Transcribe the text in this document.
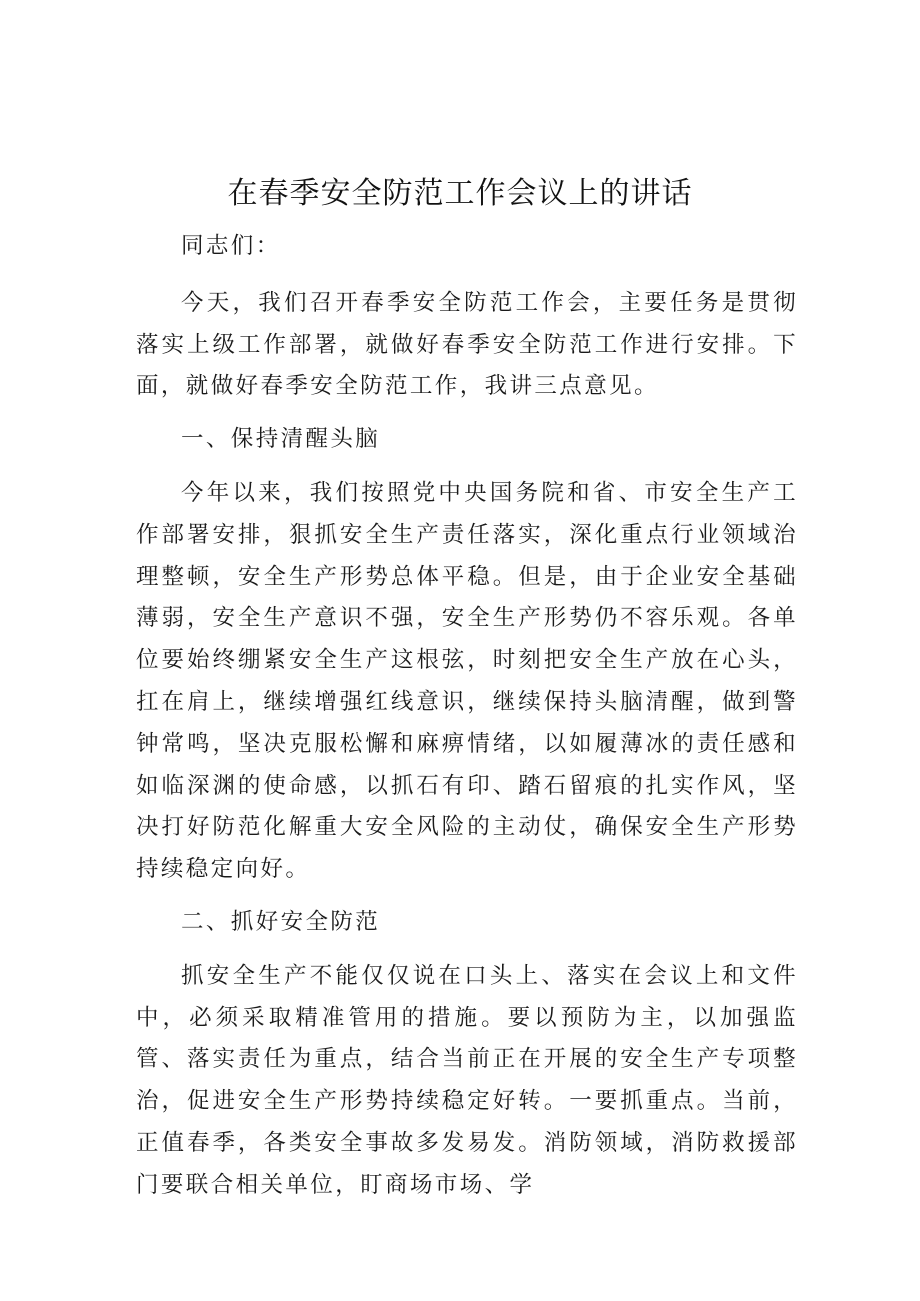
在春季安全防范工作会议上的讲话

同志们：

今天，我们召开春季安全防范工作会，主要任务是贯彻落实上级工作部署，就做好春季安全防范工作进行安排。下面，就做好春季安全防范工作，我讲三点意见。

一、保持清醒头脑

今年以来，我们按照党中央国务院和省、市安全生产工作部署安排，狠抓安全生产责任落实，深化重点行业领域治理整顿，安全生产形势总体平稳。但是，由于企业安全基础薄弱，安全生产意识不强，安全生产形势仍不容乐观。各单位要始终绷紧安全生产这根弦，时刻把安全生产放在心头，扛在肩上，继续增强红线意识，继续保持头脑清醒，做到警钟常鸣，坚决克服松懈和麻痹情绪，以如履薄冰的责任感和如临深渊的使命感，以抓石有印、踏石留痕的扎实作风，坚决打好防范化解重大安全风险的主动仗，确保安全生产形势持续稳定向好。

二、抓好安全防范

抓安全生产不能仅仅说在口头上、落实在会议上和文件中，必须采取精准管用的措施。要以预防为主，以加强监管、落实责任为重点，结合当前正在开展的安全生产专项整治，促进安全生产形势持续稳定好转。一要抓重点。当前，正值春季，各类安全事故多发易发。消防领域，消防救援部门要联合相关单位，盯商场市场、学
